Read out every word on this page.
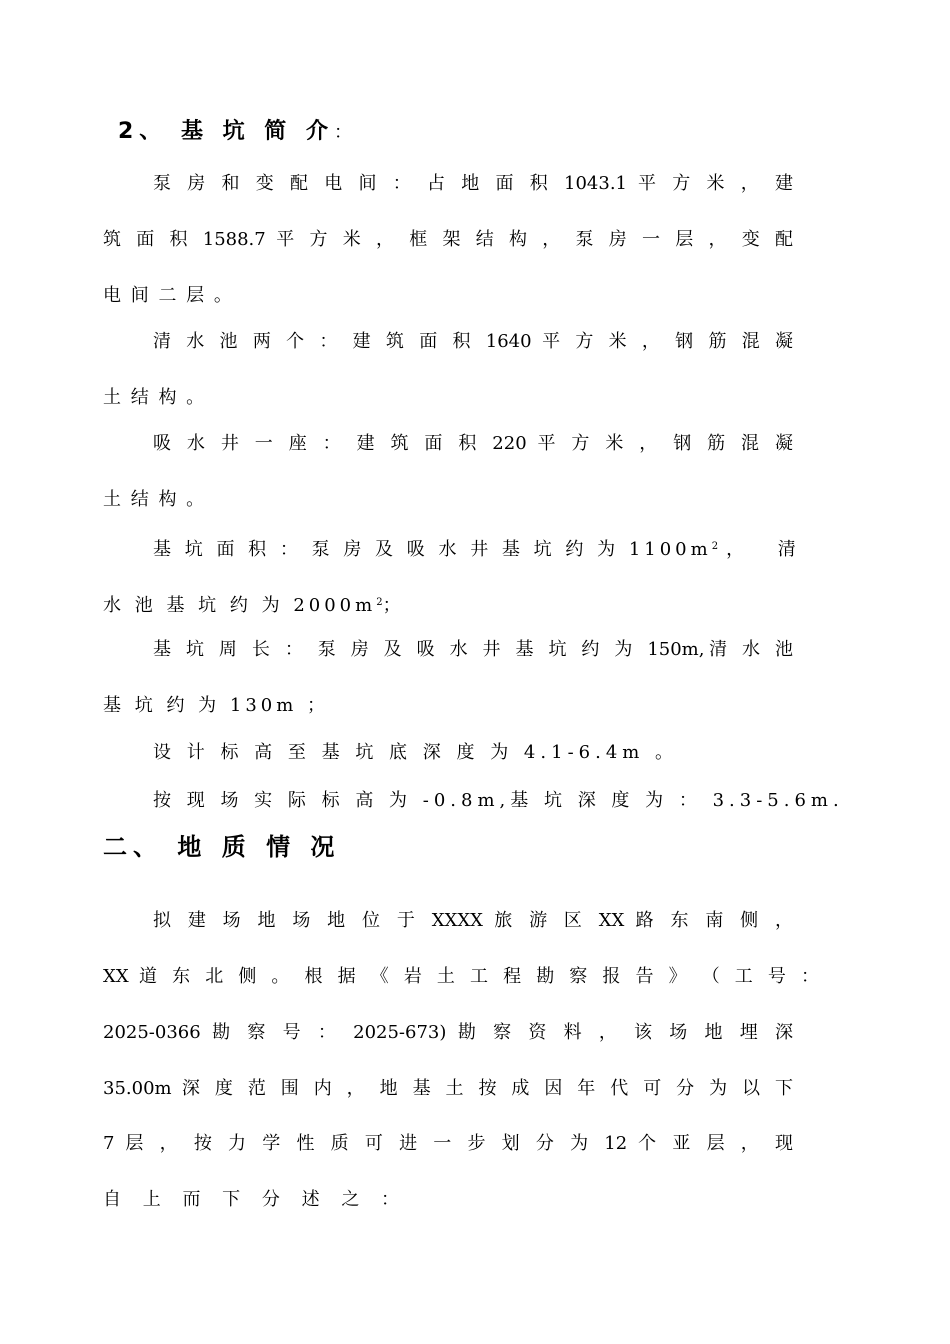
2、 基 坑 简 介：
泵 房 和 变 配 电 间 ： 占 地 面 积 1043.1 平 方 米 ， 建
筑 面 积 1588.7 平 方 米 ， 框 架 结 构 ， 泵 房 一 层 ， 变 配
电 间 二 层 。
清 水 池 两 个 ： 建 筑 面 积 1640 平 方 米 ， 钢 筋 混 凝
土 结 构 。
吸 水 井 一 座 ： 建 筑 面 积 220 平 方 米 ， 钢 筋 混 凝
土 结 构 。
基 坑 面 积 ： 泵 房 及 吸 水 井 基 坑 约 为 $1100m^2$ ， 清
水 池 基 坑 约 为 $2000m^2$；
基 坑 周 长 ： 泵 房 及 吸 水 井 基 坑 约 为 150m,清 水 池
基 坑 约 为 130m ；
设 计 标 高 至 基 坑 底 深 度 为 4.1-6.4m 。
按 现 场 实 际 标 高 为 -0.8m,基 坑 深 度 为 ： 3.3-5.6m.
二、 地 质 情 况
拟 建 场 地 场 地 位 于 XXXX 旅 游 区 XX 路 东 南 侧 ，
XX 道 东 北 侧 。 根 据 《 岩 土 工 程 勘 察 报 告 》 （ 工 号 ：
2025-0366 勘 察 号 ： 2025-673) 勘 察 资 料 ， 该 场 地 埋 深
35.00m 深 度 范 围 内 ， 地 基 土 按 成 因 年 代 可 分 为 以 下
7 层 ， 按 力 学 性 质 可 进 一 步 划 分 为 12 个 亚 层 ， 现
自 上 而 下 分 述 之 ：
